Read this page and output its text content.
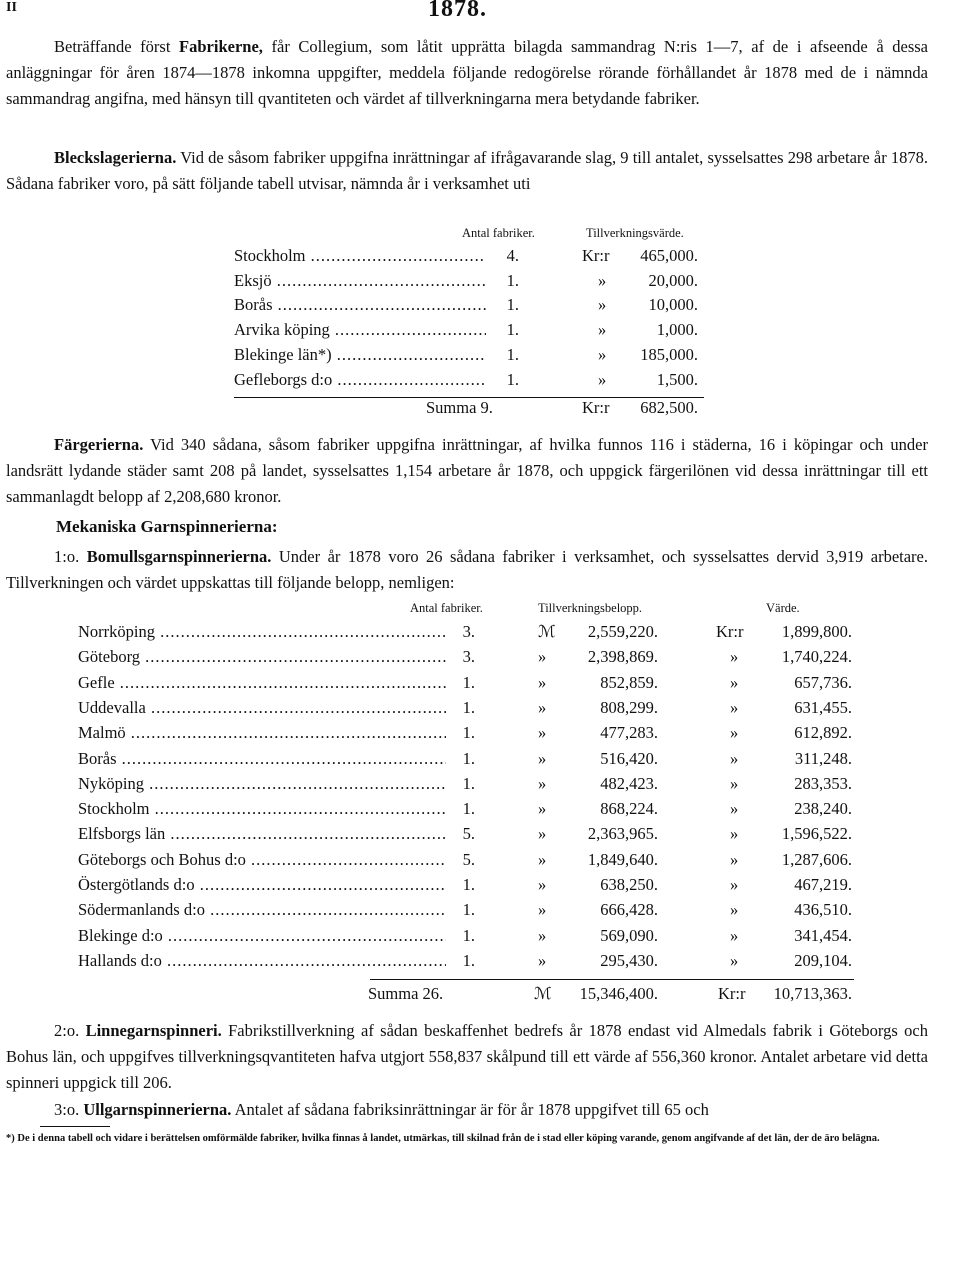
II	1878.

Beträffande först Fabrikerne, får Collegium, som låtit upprätta bilagda sammandrag N:ris 1—7, af de i afseende å dessa anläggningar för åren 1874—1878 inkomna uppgifter, meddela följande redogörelse rörande förhållandet år 1878 med de i nämnda sammandrag angifna, med hänsyn till qvantiteten och värdet af tillverkningarna mera betydande fabriker.

Bleckslagerierna. Vid de såsom fabriker uppgifna inrättningar af ifrågavarande slag, 9 till antalet, sysselsattes 298 arbetare år 1878. Sådana fabriker voro, på sätt följande tabell utvisar, nämnda år i verksamhet uti

Antal fabriker.	Tillverkningsvärde.
Stockholm .....	4.	Kr:r	465,000.
Eksjö .....	1.	»	20,000.
Borås .....	1.	»	10,000.
Arvika köping .....	1.	»	1,000.
Blekinge län*) .....	1.	»	185,000.
Gefleborgs d:o .....	1.	»	1,500.
Summa 9.	Kr:r	682,500.

Färgerierna. Vid 340 sådana, såsom fabriker uppgifna inrättningar, af hvilka funnos 116 i städerna, 16 i köpingar och under landsrätt lydande städer samt 208 på landet, sysselsattes 1,154 arbetare år 1878, och uppgick färgerilönen vid dessa inrättningar till ett sammanlagdt belopp af 2,208,680 kronor.

Mekaniska Garnspinnerierna:

1:o. Bomullsgarnspinnerierna. Under år 1878 voro 26 sådana fabriker i verksamhet, och sysselsattes dervid 3,919 arbetare. Tillverkningen och värdet uppskattas till följande belopp, nemligen:

Antal fabriker.	Tillverkningsbelopp.	Värde.
Norrköping .....	3.	ℳ	2,559,220.	Kr:r	1,899,800.
Göteborg .....	3.	»	2,398,869.	»	1,740,224.
Gefle .....	1.	»	852,859.	»	657,736.
Uddevalla .....	1.	»	808,299.	»	631,455.
Malmö .....	1.	»	477,283.	»	612,892.
Borås .....	1.	»	516,420.	»	311,248.
Nyköping .....	1.	»	482,423.	»	283,353.
Stockholm .....	1.	»	868,224.	»	238,240.
Elfsborgs län .....	5.	»	2,363,965.	»	1,596,522.
Göteborgs och Bohus d:o .....	5.	»	1,849,640.	»	1,287,606.
Östergötlands d:o .....	1.	»	638,250.	»	467,219.
Södermanlands d:o .....	1.	»	666,428.	»	436,510.
Blekinge d:o .....	1.	»	569,090.	»	341,454.
Hallands d:o .....	1.	»	295,430.	»	209,104.
Summa 26.	ℳ	15,346,400.	Kr:r	10,713,363.

2:o. Linnegarnspinneri. Fabrikstillverkning af sådan beskaffenhet bedrefs år 1878 endast vid Almedals fabrik i Göteborgs och Bohus län, och uppgifves tillverkningsqvantiteten hafva utgjort 558,837 skålpund till ett värde af 556,360 kronor. Antalet arbetare vid detta spinneri uppgick till 206.

3:o. Ullgarnspinnerierna. Antalet af sådana fabriksinrättningar är för år 1878 uppgifvet till 65 och

*) De i denna tabell och vidare i berättelsen omförmälde fabriker, hvilka finnas å landet, utmärkas, till skilnad från de i stad eller köping varande, genom angifvande af det län, der de äro belägna.
